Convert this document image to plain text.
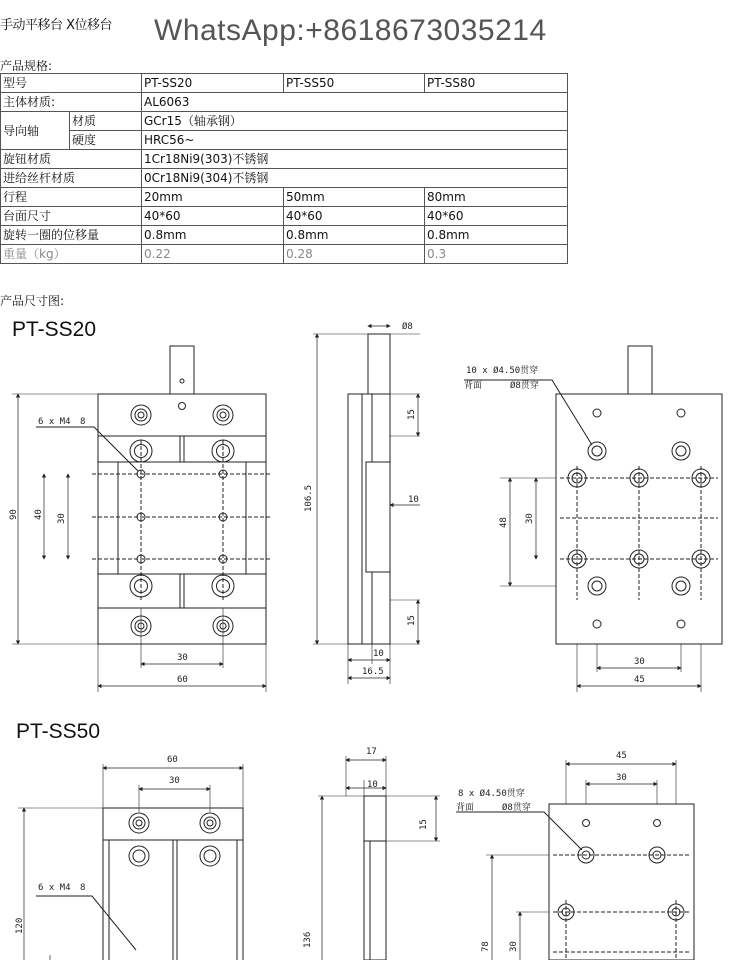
手动平移台 X位移台 WhatsApp:+8618673035214
产品规格:
型号		PT-SS20	PT-SS50	PT-SS80
主体材质:		AL6063		
导向轴	材质	GCr15（轴承钢）		
	硬度	HRC56~		
旋钮材质		1Cr18Ni9(303)不锈钢		
进给丝杆材质		0Cr18Ni9(304)不锈钢		
行程		20mm	50mm	80mm
台面尺寸		40*60	40*60	40*60
旋转一圈的位移量		0.8mm	0.8mm	0.8mm
重量（kg）		0.22	0.28	0.3
产品尺寸图:
PT-SS20
PT-SS50
6 x M4 8
90 40 30
30
60
Ø8
106.5
15
10
15
10
16.5
10 x Ø4.50贯穿
背面	Ø8贯穿
48 30
30
45
60
30
120
6 x M4 8
17
10
15
136
45
30
78 30
8 x Ø4.50贯穿
背面	Ø8贯穿
